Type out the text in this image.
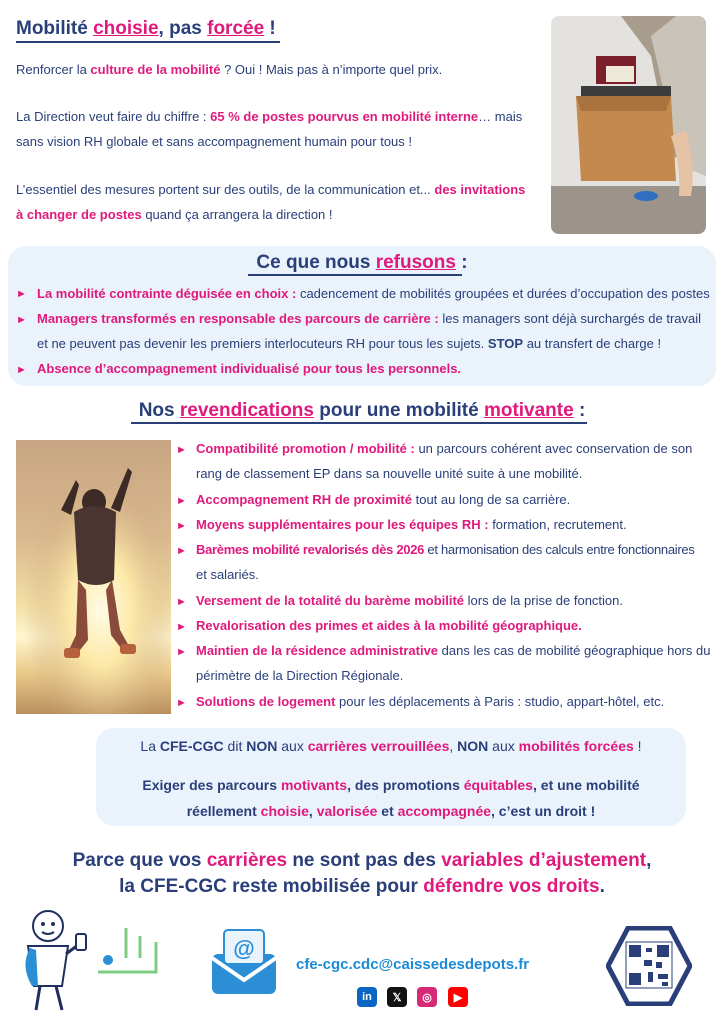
Mobilité choisie, pas forcée !

Renforcer la culture de la mobilité ? Oui ! Mais pas à n’importe quel prix.

La Direction veut faire du chiffre : 65 % de postes pourvus en mobilité interne… mais

sans vision RH globale et sans accompagnement humain pour tous !

L’essentiel des mesures portent sur des outils, de la communication et... des invitations

à changer de postes quand ça arrangera la direction !

Ce que nous refusons :
► La mobilité contrainte déguisée en choix : cadencement de mobilités groupées et durées d’occupation des postes

► Managers transformés en responsable des parcours de carrière : les managers sont déjà surchargés de travail

et ne peuvent pas devenir les premiers interlocuteurs RH pour tous les sujets. STOP au transfert de charge !

► Absence d’accompagnement individualisé pour tous les personnels.

Nos revendications pour une mobilité motivante :
► Compatibilité promotion / mobilité : un parcours cohérent avec conservation de son

rang de classement EP dans sa nouvelle unité suite à une mobilité.

► Accompagnement RH de proximité tout au long de sa carrière.

► Moyens supplémentaires pour les équipes RH : formation, recrutement.

► Barèmes mobilité revalorisés dès 2026 et harmonisation des calculs entre fonctionnaires

et salariés.

► Versement de la totalité du barème mobilité lors de la prise de fonction.

► Revalorisation des primes et aides à la mobilité géographique.

► Maintien de la résidence administrative dans les cas de mobilité géographique hors du

périmètre de la Direction Régionale.

► Solutions de logement pour les déplacements à Paris : studio, appart-hôtel, etc.

La CFE-CGC dit NON aux carrières verrouillées, NON aux mobilités forcées !

Exiger des parcours motivants, des promotions équitables, et une mobilité

réellement choisie, valorisée et accompagnée, c’est un droit !

Parce que vos carrières ne sont pas des variables d’ajustement,

la CFE-CGC reste mobilisée pour défendre vos droits.

@

cfe-cgc.cdc@caissedesdepots.fr

in 𝕏 ◎ ▶
